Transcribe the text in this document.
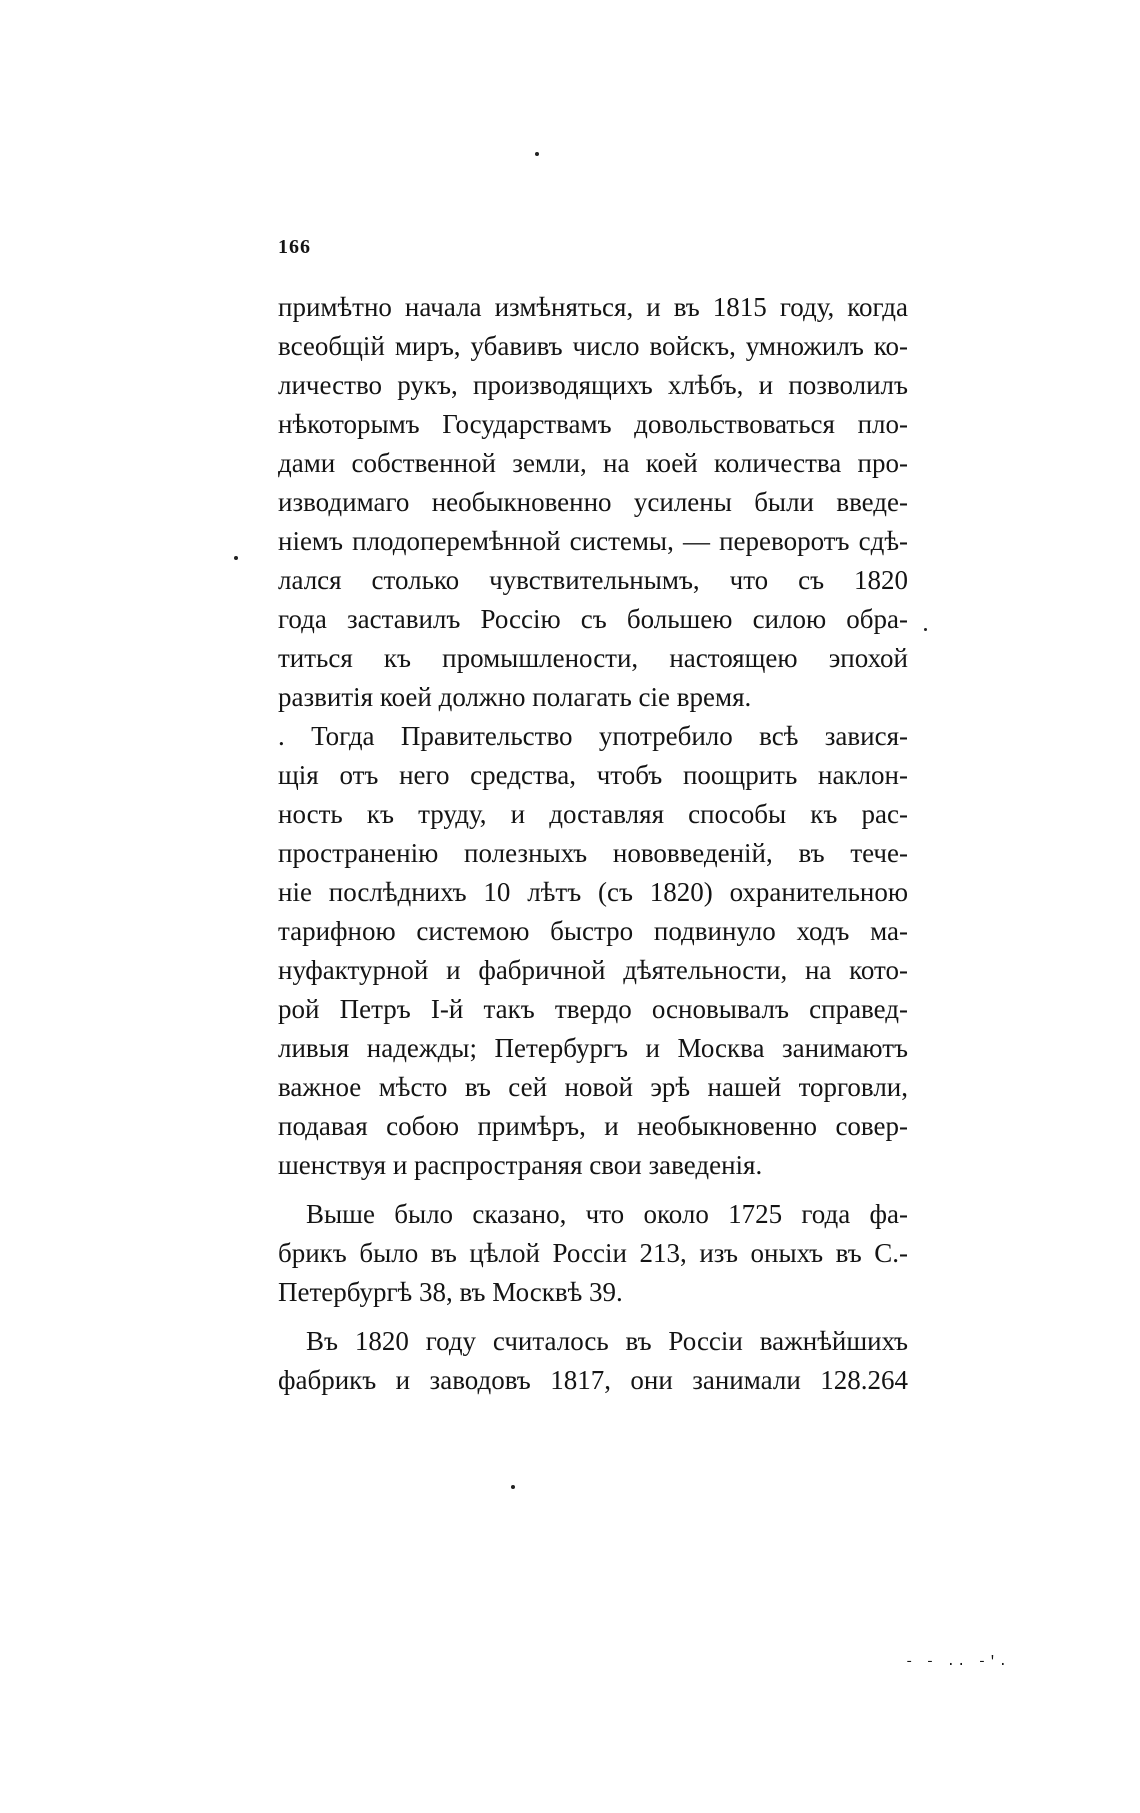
166
примѣтно начала измѣняться, и въ 1815 году, когда
всеобщій миръ, убавивъ число войскъ, умножилъ ко-
личество рукъ, производящихъ хлѣбъ, и позволилъ
нѣкоторымъ Государствамъ довольствоваться пло-
дами собственной земли, на коей количества про-
изводимаго необыкновенно усилены были введе-
ніемъ плодоперемѣнной системы, — переворотъ сдѣ-
лался столько чувствительнымъ, что съ 1820
года заставилъ Россію съ большею силою обра-
титься къ промышлености, настоящею эпохой
развитія коей должно полагать сіе время.
. Тогда Правительство употребило всѣ завися-
щія отъ него средства, чтобъ поощрить наклон-
ность къ труду, и доставляя способы къ рас-
пространенію полезныхъ нововведеній, въ тече-
ніе послѣднихъ 10 лѣтъ (съ 1820) охранительною
тарифною системою быстро подвинуло ходъ ма-
нуфактурной и фабричной дѣятельности, на кото-
рой Петръ I-й такъ твердо основывалъ справед-
ливыя надежды; Петербургъ и Москва занимаютъ
важное мѣсто въ сей новой эрѣ нашей торговли,
подавая собою примѣръ, и необыкновенно совер-
шенствуя и распространяя свои заведенія.
Выше было сказано, что около 1725 года фа-
брикъ было въ цѣлой Россіи 213, изъ оныхъ въ С.-
Петербургѣ 38, въ Москвѣ 39.
Въ 1820 году считалось въ Россіи важнѣйшихъ
фабрикъ и заводовъ 1817, они занимали 128.264
- - .. -'.
